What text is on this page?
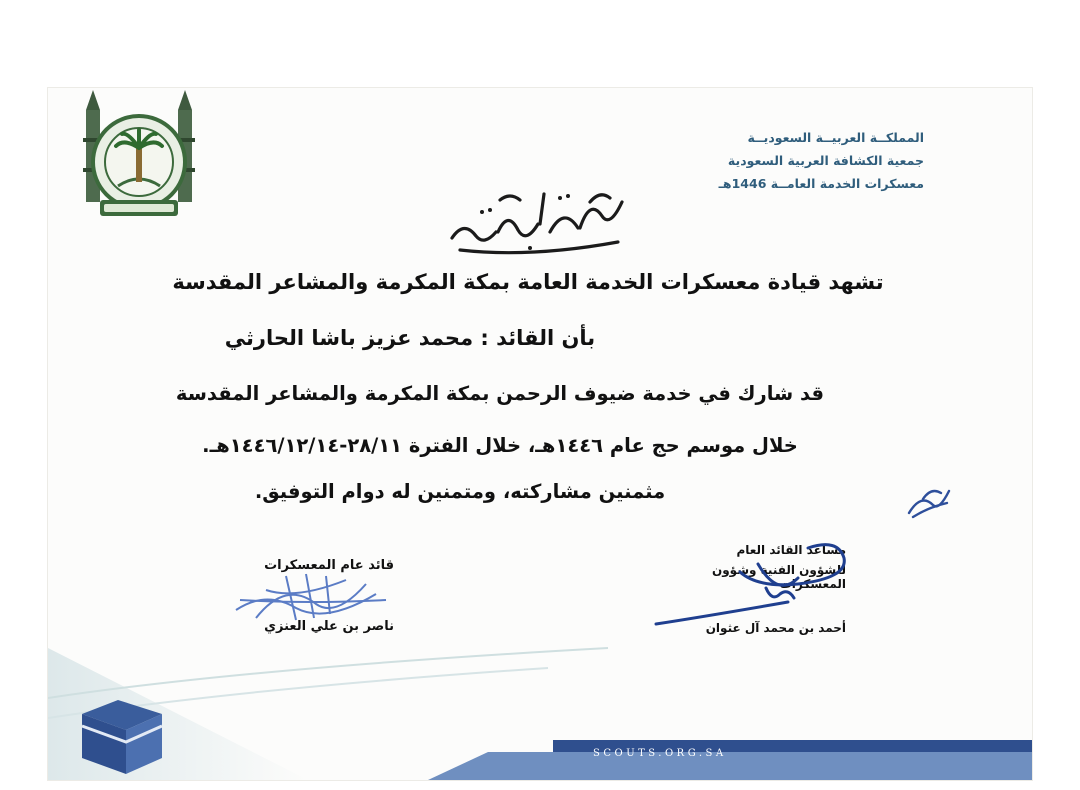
المملكــة العربيــة السعوديــة
جمعية الكشافة العربية السعودية
معسكرات الخدمة العامــة 1446هـ
شهادة مشاركة
تشهد قيادة معسكرات الخدمة العامة بمكة المكرمة والمشاعر المقدسة
بأن القائد : محمد عزيز باشا الحارثي
قد شارك في خدمة ضيوف الرحمن بمكة المكرمة والمشاعر المقدسة
خلال موسم حج عام ١٤٤٦هـ، خلال الفترة ٢٨/١١-١٤٤٦/١٢/١٤هـ.
مثمنين مشاركته، ومتمنين له دوام التوفيق.
قائد عام المعسكرات
ناصر بن علي العنزي
مساعد القائد العام
للشؤون الفنية وشؤون المعسكرات
أحمد بن محمد آل عثوان
SCOUTS.ORG.SA
